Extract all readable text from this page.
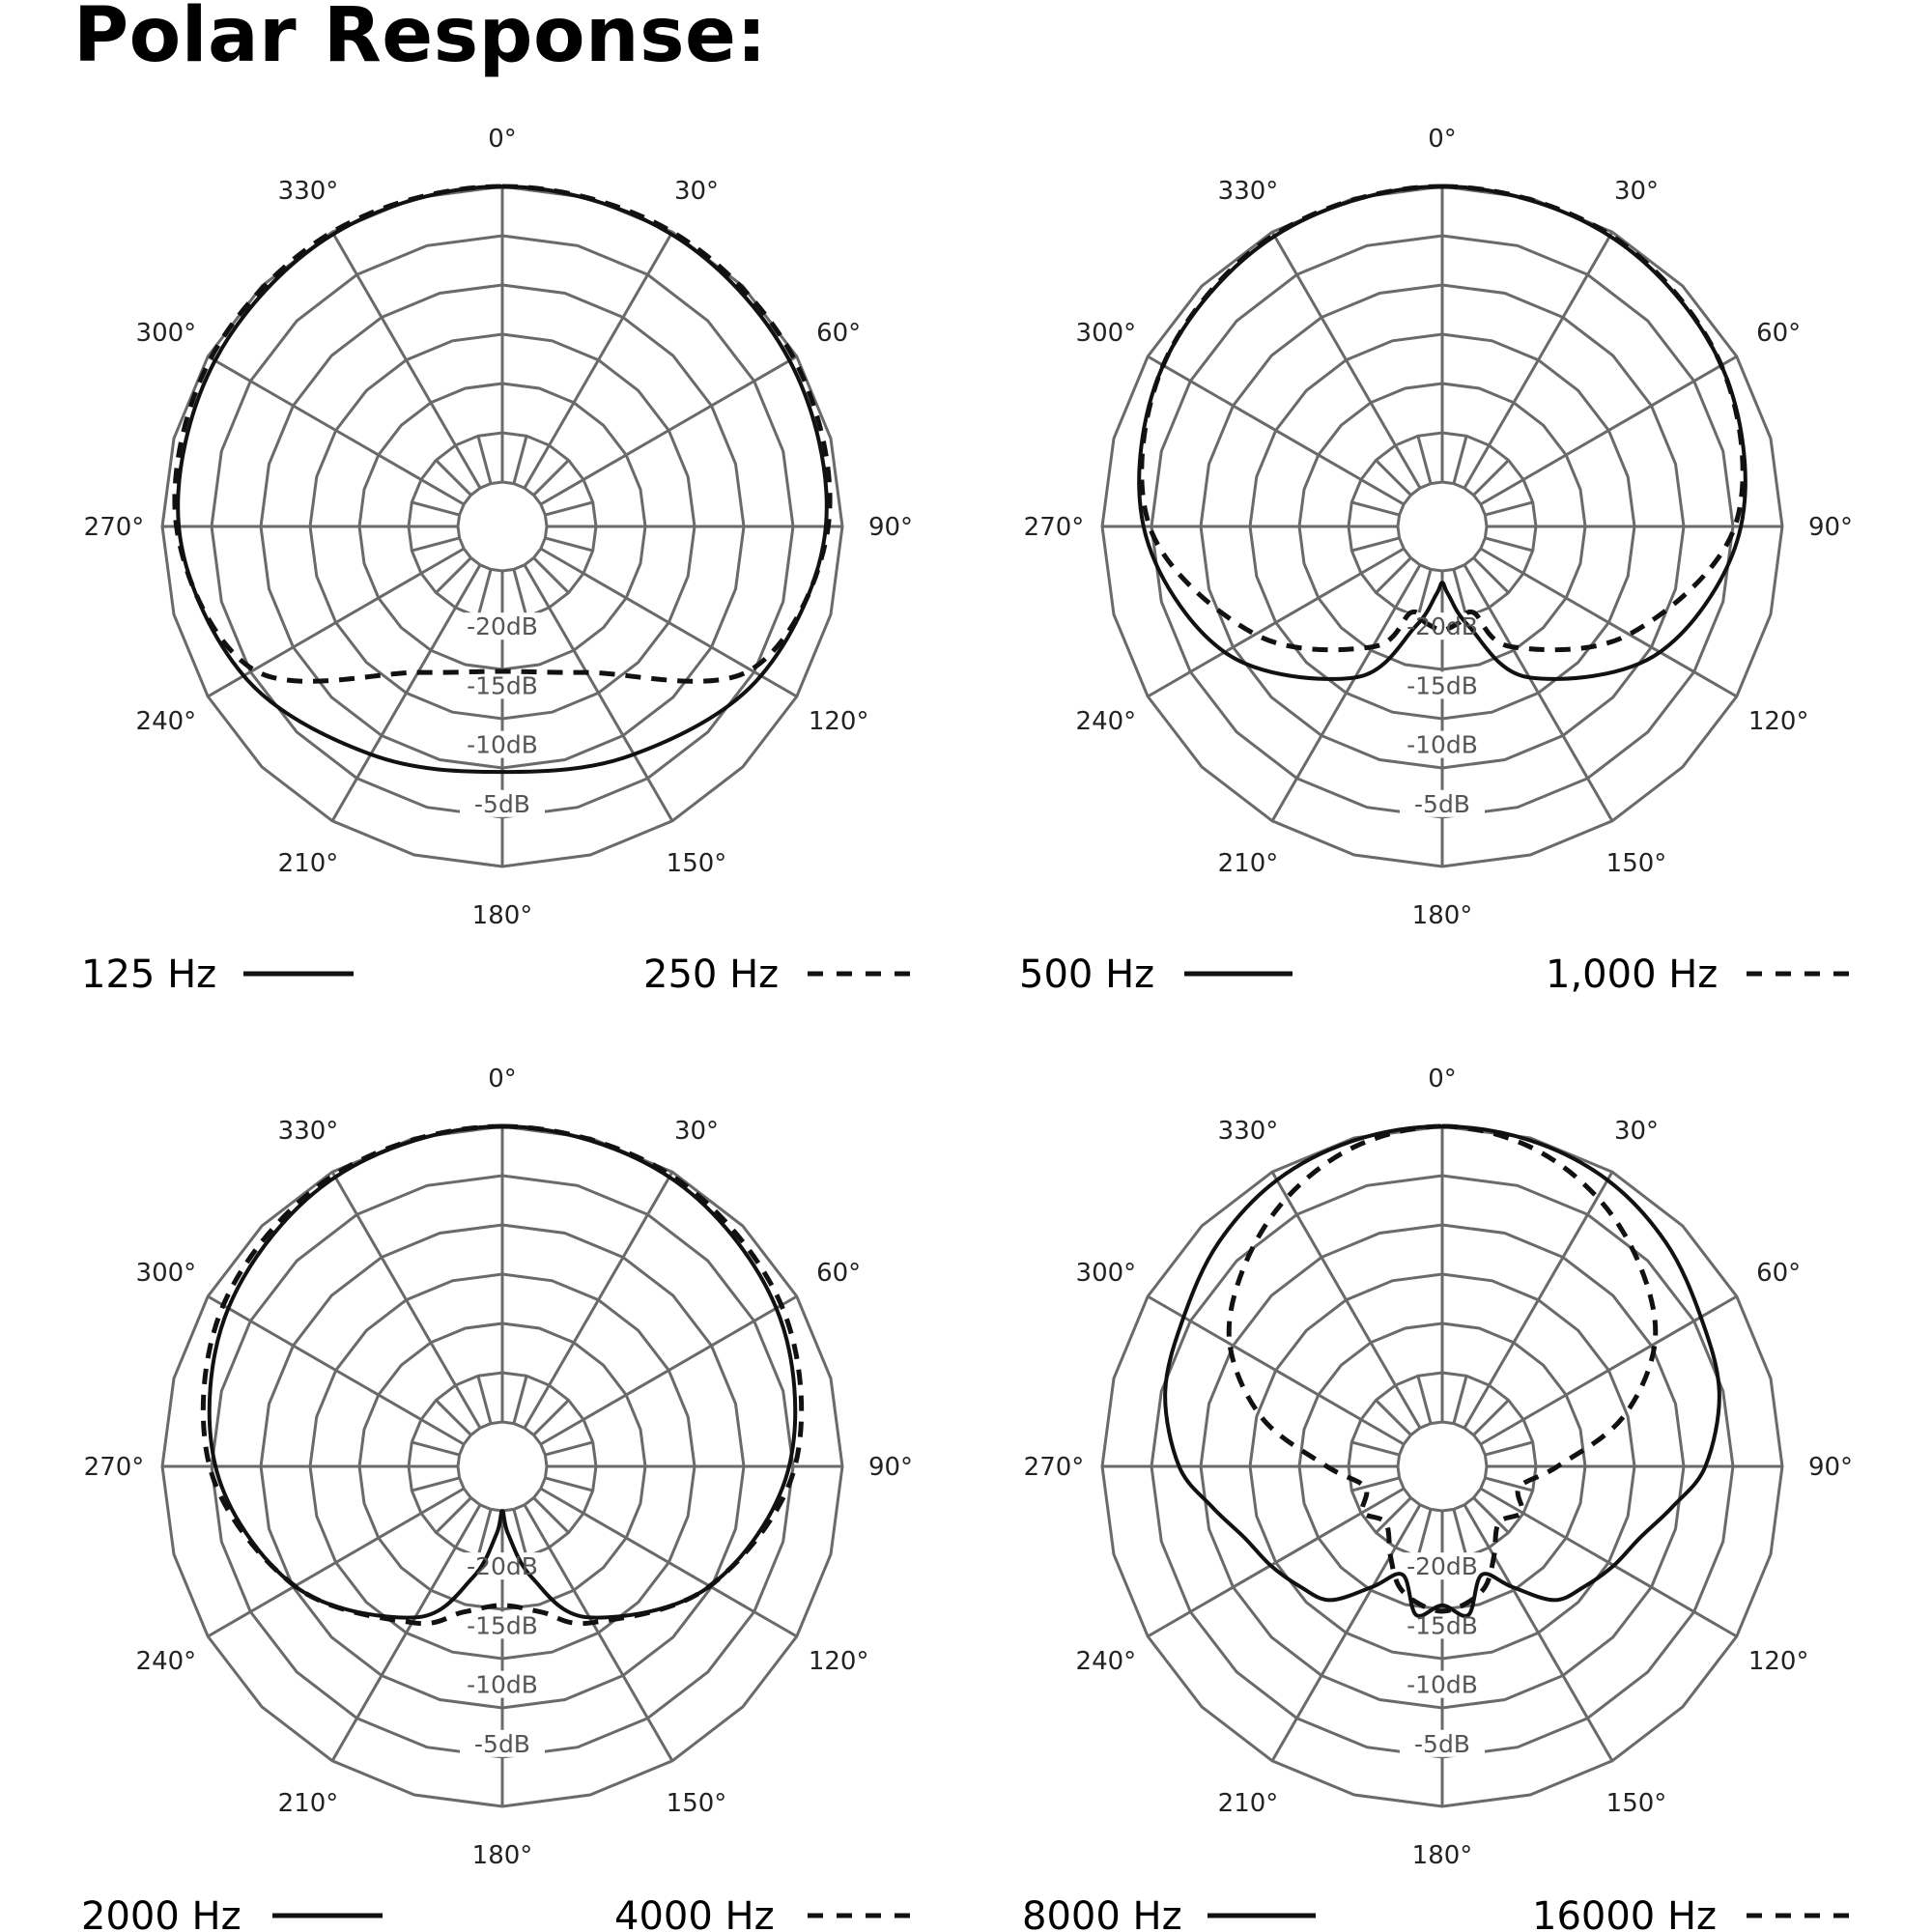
Polar Response:
-20dB
-15dB
-10dB
-5dB
0°
30°
60°
90°
120°
150°
180°
210°
240°
270°
300°
330°
125 Hz	250 Hz
-20dB
-15dB
-10dB
-5dB
0°
30°
60°
90°
120°
150°
180°
210°
240°
270°
300°
330°
500 Hz	1,000 Hz
-20dB
-15dB
-10dB
-5dB
0°
30°
60°
90°
120°
150°
180°
210°
240°
270°
300°
330°
2000 Hz	4000 Hz
-20dB
-15dB
-10dB
-5dB
0°
30°
60°
90°
120°
150°
180°
210°
240°
270°
300°
330°
8000 Hz	16000 Hz
